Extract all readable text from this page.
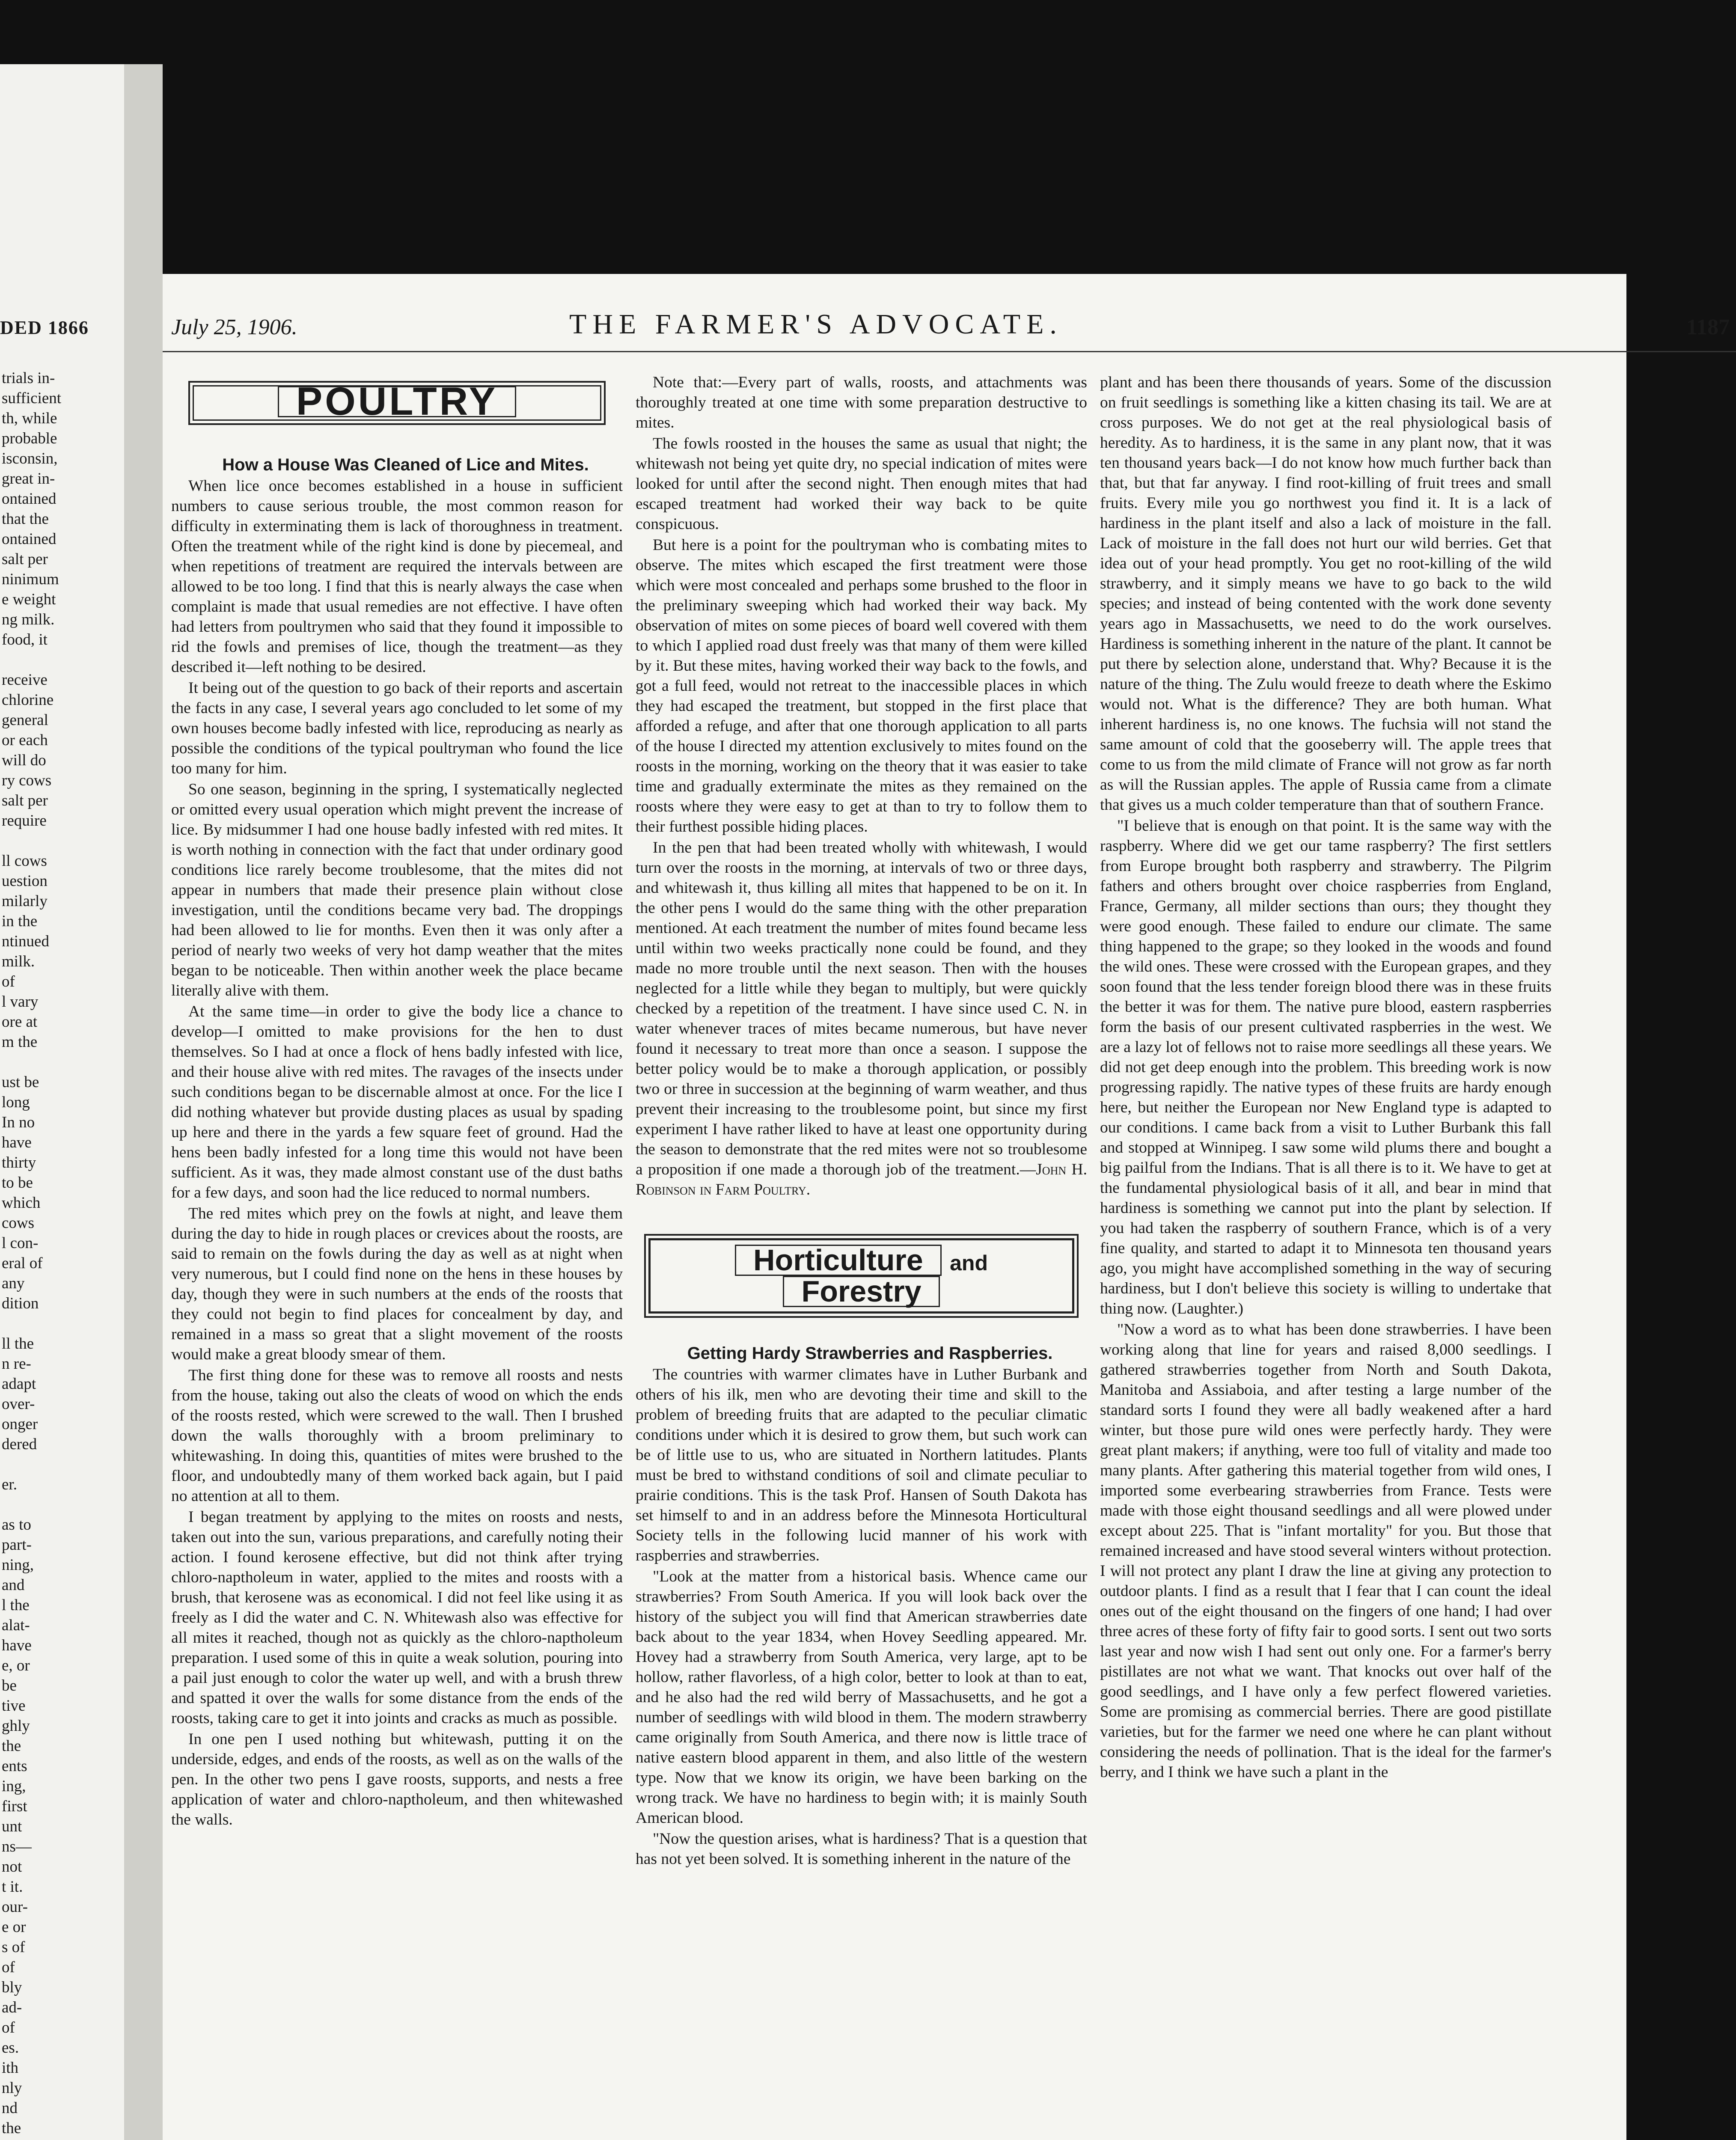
DED 1866
trials in-
sufficient
th, while
probable
isconsin,
great in-
ontained
that the
ontained
salt per
ninimum
e weight
ng milk.
food, it
receive
chlorine
general
or each
will do
ry cows
salt per
require
ll cows
uestion
milarly
in the
ntinued
milk.
of
l vary
ore at
m the
ust be
long
In no
have
thirty
to be
which
cows
l con-
eral of
any
dition
ll the
n re-
adapt
over-
onger
dered
er.
as to
part-
ning,
and
l the
alat-
have
e, or
be
tive
ghly
the
ents
ing,
first
unt
ns—
not
t it.
our-
e or
s of
of
bly
ad-
of
es.
ith
nly
nd
the
July 25, 1906.	THE FARMER'S ADVOCATE.	1187
POULTRY

How a House Was Cleaned of Lice and Mites.

When lice once becomes established in a house in sufficient numbers to cause serious trouble, the most common reason for difficulty in exterminating them is lack of thoroughness in treatment. Often the treatment while of the right kind is done by piecemeal, and when repetitions of treatment are required the intervals between are allowed to be too long. I find that this is nearly always the case when complaint is made that usual remedies are not effective. I have often had letters from poultrymen who said that they found it impossible to rid the fowls and premises of lice, though the treatment—as they described it—left nothing to be desired.

It being out of the question to go back of their reports and ascertain the facts in any case, I several years ago concluded to let some of my own houses become badly infested with lice, reproducing as nearly as possible the conditions of the typical poultryman who found the lice too many for him.

So one season, beginning in the spring, I systematically neglected or omitted every usual operation which might prevent the increase of lice. By midsummer I had one house badly infested with red mites. It is worth nothing in connection with the fact that under ordinary good conditions lice rarely become troublesome, that the mites did not appear in numbers that made their presence plain without close investigation, until the conditions became very bad. The droppings had been allowed to lie for months. Even then it was only after a period of nearly two weeks of very hot damp weather that the mites began to be noticeable. Then within another week the place became literally alive with them.

At the same time—in order to give the body lice a chance to develop—I omitted to make provisions for the hen to dust themselves. So I had at once a flock of hens badly infested with lice, and their house alive with red mites. The ravages of the insects under such conditions began to be discernable almost at once. For the lice I did nothing whatever but provide dusting places as usual by spading up here and there in the yards a few square feet of ground. Had the hens been badly infested for a long time this would not have been sufficient. As it was, they made almost constant use of the dust baths for a few days, and soon had the lice reduced to normal numbers.

The red mites which prey on the fowls at night, and leave them during the day to hide in rough places or crevices about the roosts, are said to remain on the fowls during the day as well as at night when very numerous, but I could find none on the hens in these houses by day, though they were in such numbers at the ends of the roosts that they could not begin to find places for concealment by day, and remained in a mass so great that a slight movement of the roosts would make a great bloody smear of them.

The first thing done for these was to remove all roosts and nests from the house, taking out also the cleats of wood on which the ends of the roosts rested, which were screwed to the wall. Then I brushed down the walls thoroughly with a broom preliminary to whitewashing. In doing this, quantities of mites were brushed to the floor, and undoubtedly many of them worked back again, but I paid no attention at all to them.

I began treatment by applying to the mites on roosts and nests, taken out into the sun, various preparations, and carefully noting their action. I found kerosene effective, but did not think after trying chloro-naptholeum in water, applied to the mites and roosts with a brush, that kerosene was as economical. I did not feel like using it as freely as I did the water and C. N. Whitewash also was effective for all mites it reached, though not as quickly as the chloro-naptholeum preparation. I used some of this in quite a weak solution, pouring into a pail just enough to color the water up well, and with a brush threw and spatted it over the walls for some distance from the ends of the roosts, taking care to get it into joints and cracks as much as possible.

In one pen I used nothing but whitewash, putting it on the underside, edges, and ends of the roosts, as well as on the walls of the pen. In the other two pens I gave roosts, supports, and nests a free application of water and chloro-naptholeum, and then whitewashed the walls.

Note that:—Every part of walls, roosts, and attachments was thoroughly treated at one time with some preparation destructive to mites.

The fowls roosted in the houses the same as usual that night; the whitewash not being yet quite dry, no special indication of mites were looked for until after the second night. Then enough mites that had escaped treatment had worked their way back to be quite conspicuous.

But here is a point for the poultryman who is combating mites to observe. The mites which escaped the first treatment were those which were most concealed and perhaps some brushed to the floor in the preliminary sweeping which had worked their way back. My observation of mites on some pieces of board well covered with them to which I applied road dust freely was that many of them were killed by it. But these mites, having worked their way back to the fowls, and got a full feed, would not retreat to the inaccessible places in which they had escaped the treatment, but stopped in the first place that afforded a refuge, and after that one thorough application to all parts of the house I directed my attention exclusively to mites found on the roosts in the morning, working on the theory that it was easier to take time and gradually exterminate the mites as they remained on the roosts where they were easy to get at than to try to follow them to their furthest possible hiding places.

In the pen that had been treated wholly with whitewash, I would turn over the roosts in the morning, at intervals of two or three days, and whitewash it, thus killing all mites that happened to be on it. In the other pens I would do the same thing with the other preparation mentioned. At each treatment the number of mites found became less until within two weeks practically none could be found, and they made no more trouble until the next season. Then with the houses neglected for a little while they began to multiply, but were quickly checked by a repetition of the treatment. I have since used C. N. in water whenever traces of mites became numerous, but have never found it necessary to treat more than once a season. I suppose the better policy would be to make a thorough application, or possibly two or three in succession at the beginning of warm weather, and thus prevent their increasing to the troublesome point, but since my first experiment I have rather liked to have at least one opportunity during the season to demonstrate that the red mites were not so troublesome a proposition if one made a thorough job of the treatment.—John H. Robinson in Farm Poultry.

Horticulture and Forestry

Getting Hardy Strawberries and Raspberries.

The countries with warmer climates have in Luther Burbank and others of his ilk, men who are devoting their time and skill to the problem of breeding fruits that are adapted to the peculiar climatic conditions under which it is desired to grow them, but such work can be of little use to us, who are situated in Northern latitudes. Plants must be bred to withstand conditions of soil and climate peculiar to prairie conditions. This is the task Prof. Hansen of South Dakota has set himself to and in an address before the Minnesota Horticultural Society tells in the following lucid manner of his work with raspberries and strawberries.

"Look at the matter from a historical basis. Whence came our strawberries? From South America. If you will look back over the history of the subject you will find that American strawberries date back about to the year 1834, when Hovey Seedling appeared. Mr. Hovey had a strawberry from South America, very large, apt to be hollow, rather flavorless, of a high color, better to look at than to eat, and he also had the red wild berry of Massachusetts, and he got a number of seedlings with wild blood in them. The modern strawberry came originally from South America, and there now is little trace of native eastern blood apparent in them, and also little of the western type. Now that we know its origin, we have been barking on the wrong track. We have no hardiness to begin with; it is mainly South American blood.

"Now the question arises, what is hardiness? That is a question that has not yet been solved. It is something inherent in the nature of the

plant and has been there thousands of years. Some of the discussion on fruit seedlings is something like a kitten chasing its tail. We are at cross purposes. We do not get at the real physiological basis of heredity. As to hardiness, it is the same in any plant now, that it was ten thousand years back—I do not know how much further back than that, but that far anyway. I find root-killing of fruit trees and small fruits. Every mile you go northwest you find it. It is a lack of hardiness in the plant itself and also a lack of moisture in the fall. Lack of moisture in the fall does not hurt our wild berries. Get that idea out of your head promptly. You get no root-killing of the wild strawberry, and it simply means we have to go back to the wild species; and instead of being contented with the work done seventy years ago in Massachusetts, we need to do the work ourselves. Hardiness is something inherent in the nature of the plant. It cannot be put there by selection alone, understand that. Why? Because it is the nature of the thing. The Zulu would freeze to death where the Eskimo would not. What is the difference? They are both human. What inherent hardiness is, no one knows. The fuchsia will not stand the same amount of cold that the gooseberry will. The apple trees that come to us from the mild climate of France will not grow as far north as will the Russian apples. The apple of Russia came from a climate that gives us a much colder temperature than that of southern France.

"I believe that is enough on that point. It is the same way with the raspberry. Where did we get our tame raspberry? The first settlers from Europe brought both raspberry and strawberry. The Pilgrim fathers and others brought over choice raspberries from England, France, Germany, all milder sections than ours; they thought they were good enough. These failed to endure our climate. The same thing happened to the grape; so they looked in the woods and found the wild ones. These were crossed with the European grapes, and they soon found that the less tender foreign blood there was in these fruits the better it was for them. The native pure blood, eastern raspberries form the basis of our present cultivated raspberries in the west. We are a lazy lot of fellows not to raise more seedlings all these years. We did not get deep enough into the problem. This breeding work is now progressing rapidly. The native types of these fruits are hardy enough here, but neither the European nor New England type is adapted to our conditions. I came back from a visit to Luther Burbank this fall and stopped at Winnipeg. I saw some wild plums there and bought a big pailful from the Indians. That is all there is to it. We have to get at the fundamental physiological basis of it all, and bear in mind that hardiness is something we cannot put into the plant by selection. If you had taken the raspberry of southern France, which is of a very fine quality, and started to adapt it to Minnesota ten thousand years ago, you might have accomplished something in the way of securing hardiness, but I don't believe this society is willing to undertake that thing now. (Laughter.)

"Now a word as to what has been done strawberries. I have been working along that line for years and raised 8,000 seedlings. I gathered strawberries together from North and South Dakota, Manitoba and Assiaboia, and after testing a large number of the standard sorts I found they were all badly weakened after a hard winter, but those pure wild ones were perfectly hardy. They were great plant makers; if anything, were too full of vitality and made too many plants. After gathering this material together from wild ones, I imported some everbearing strawberries from France. Tests were made with those eight thousand seedlings and all were plowed under except about 225. That is "infant mortality" for you. But those that remained increased and have stood several winters without protection. I will not protect any plant I draw the line at giving any protection to outdoor plants. I find as a result that I fear that I can count the ideal ones out of the eight thousand on the fingers of one hand; I had over three acres of these forty of fifty fair to good sorts. I sent out two sorts last year and now wish I had sent out only one. For a farmer's berry pistillates are not what we want. That knocks out over half of the good seedlings, and I have only a few perfect flowered varieties. Some are promising as commercial berries. There are good pistillate varieties, but for the farmer we need one where he can plant without considering the needs of pollination. That is the ideal for the farmer's berry, and I think we have such a plant in the
